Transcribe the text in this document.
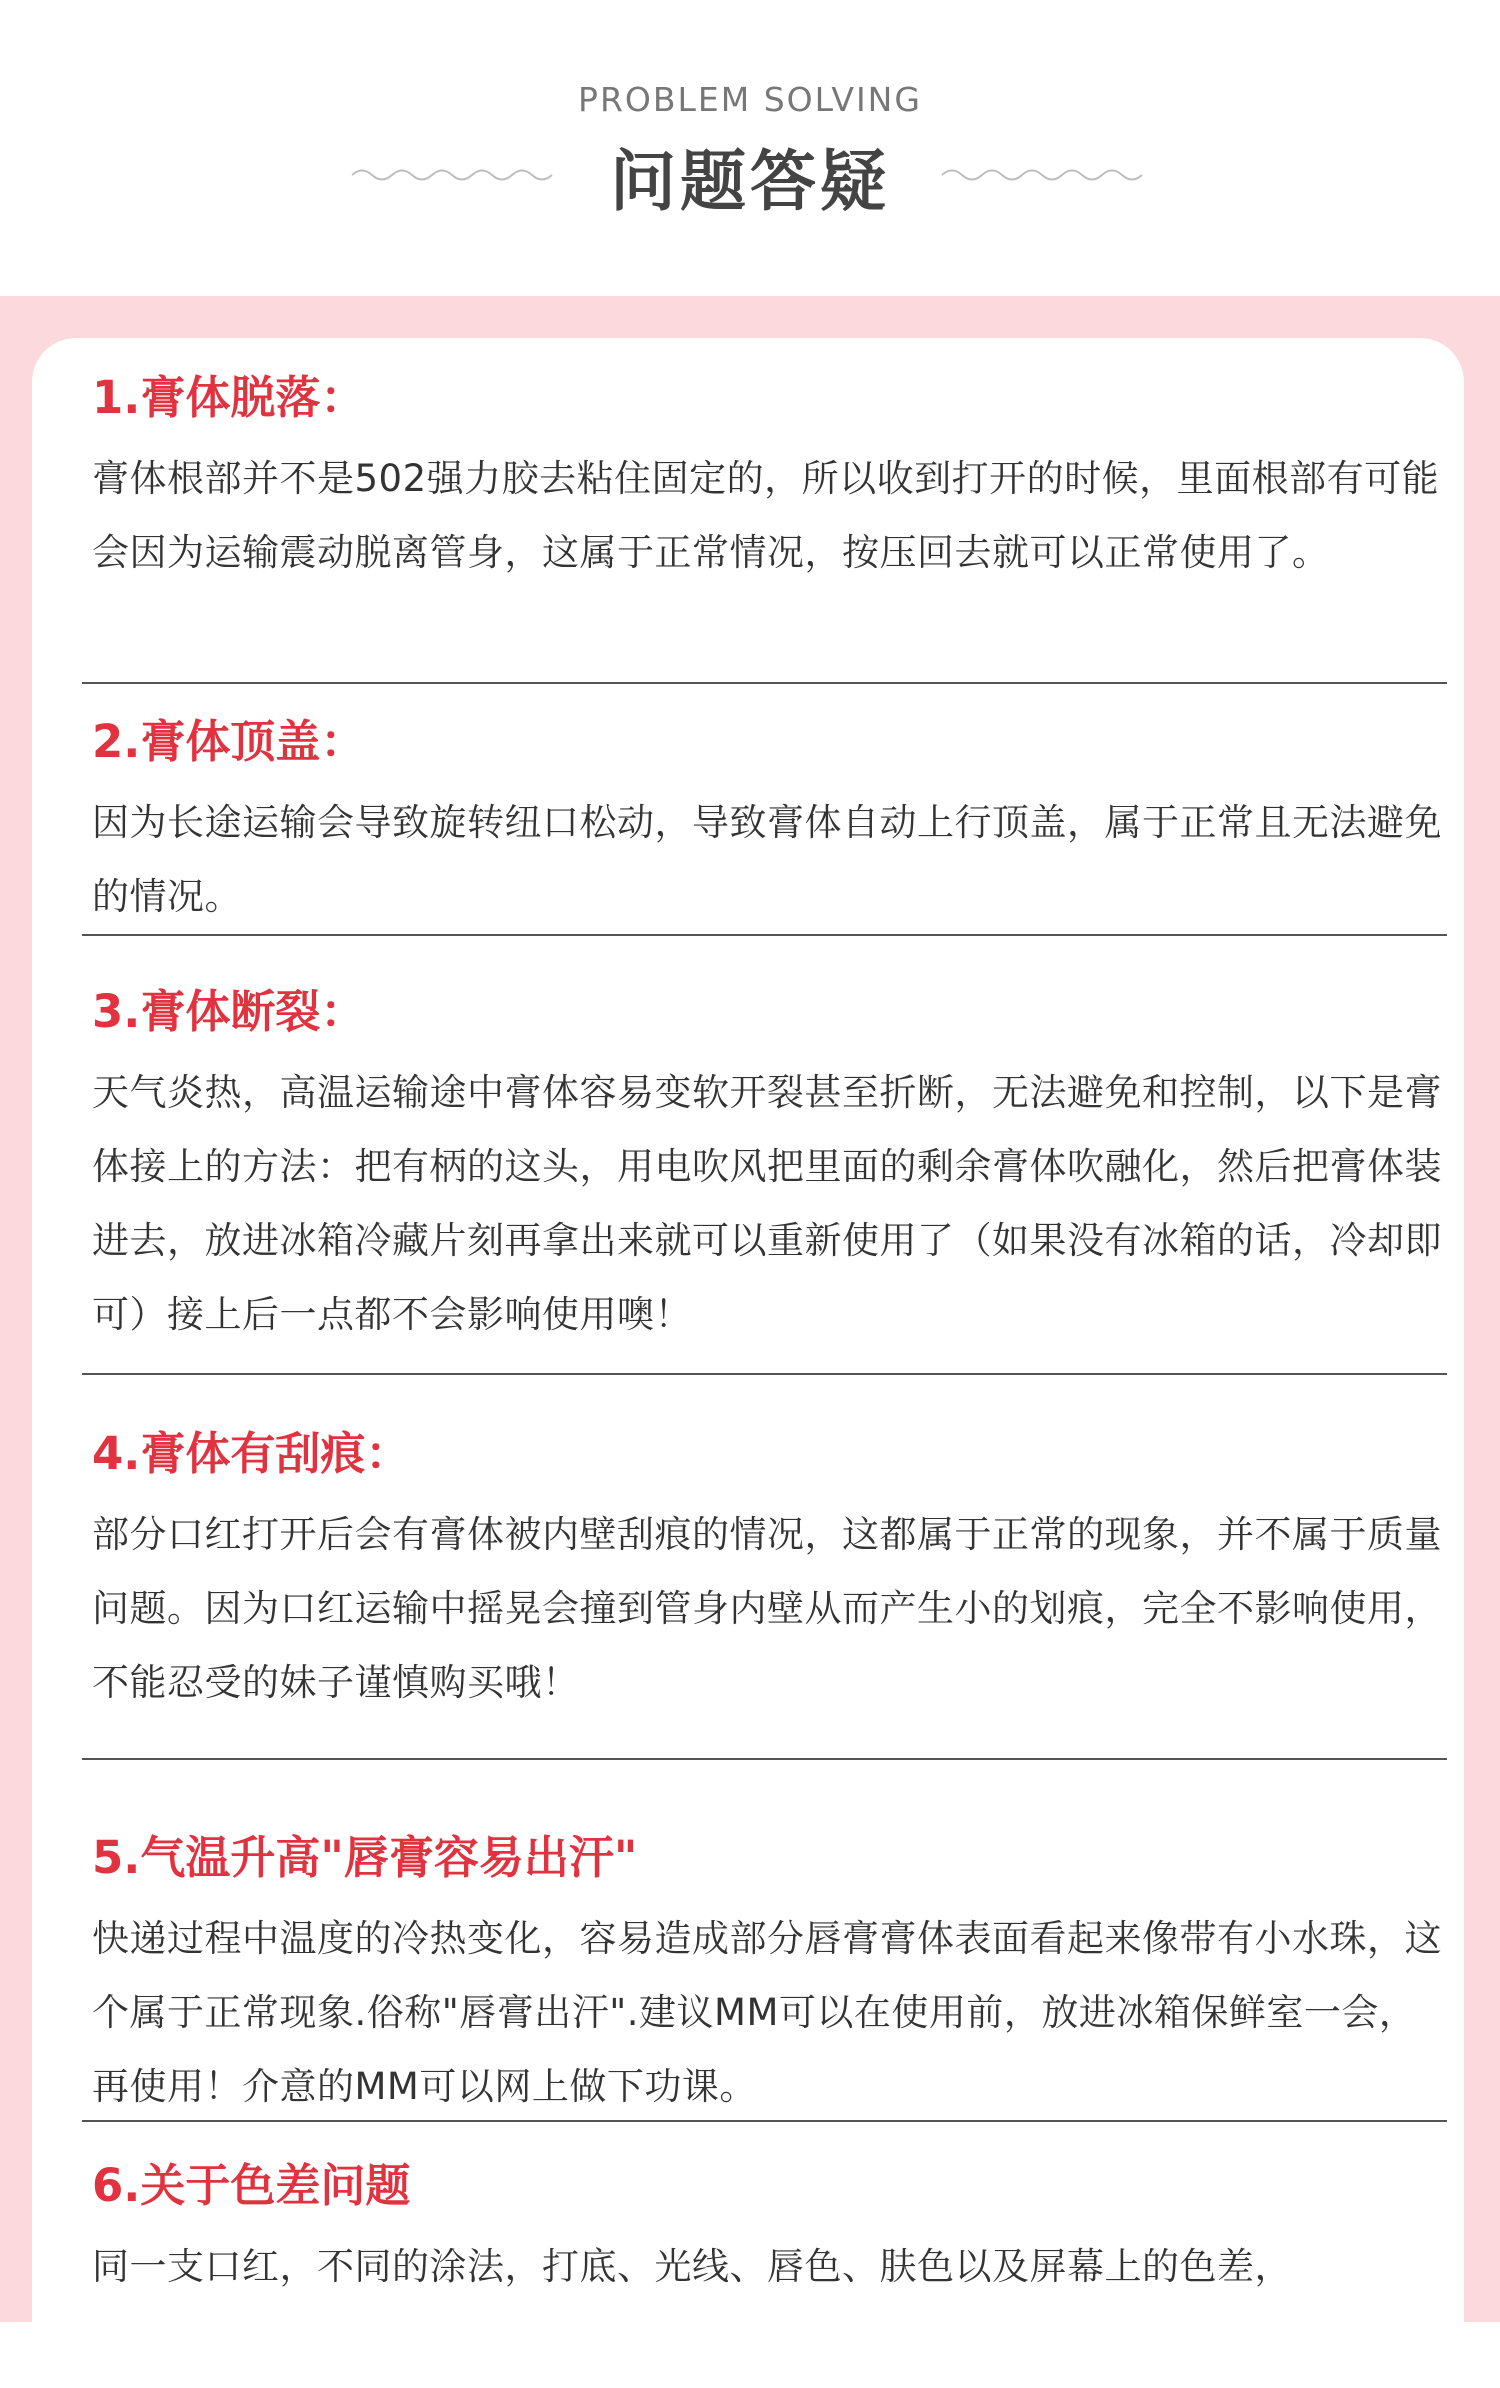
PROBLEM SOLVING
问题答疑
1.膏体脱落：
膏体根部并不是502强力胶去粘住固定的，所以收到打开的时候，里面根部有可能会因为运输震动脱离管身，这属于正常情况，按压回去就可以正常使用了。
2.膏体顶盖：
因为长途运输会导致旋转纽口松动，导致膏体自动上行顶盖，属于正常且无法避免的情况。
3.膏体断裂：
天气炎热，高温运输途中膏体容易变软开裂甚至折断，无法避免和控制，以下是膏体接上的方法：把有柄的这头，用电吹风把里面的剩余膏体吹融化，然后把膏体装进去，放进冰箱冷藏片刻再拿出来就可以重新使用了（如果没有冰箱的话，冷却即可）接上后一点都不会影响使用噢！
4.膏体有刮痕：
部分口红打开后会有膏体被内壁刮痕的情况，这都属于正常的现象，并不属于质量问题。因为口红运输中摇晃会撞到管身内壁从而产生小的划痕，完全不影响使用，不能忍受的妹子谨慎购买哦！
5.气温升高"唇膏容易出汗"
快递过程中温度的冷热变化，容易造成部分唇膏膏体表面看起来像带有小水珠，这个属于正常现象.俗称"唇膏出汗".建议MM可以在使用前，放进冰箱保鲜室一会，再使用！介意的MM可以网上做下功课。
6.关于色差问题
同一支口红，不同的涂法，打底、光线、唇色、肤色以及屏幕上的色差，
